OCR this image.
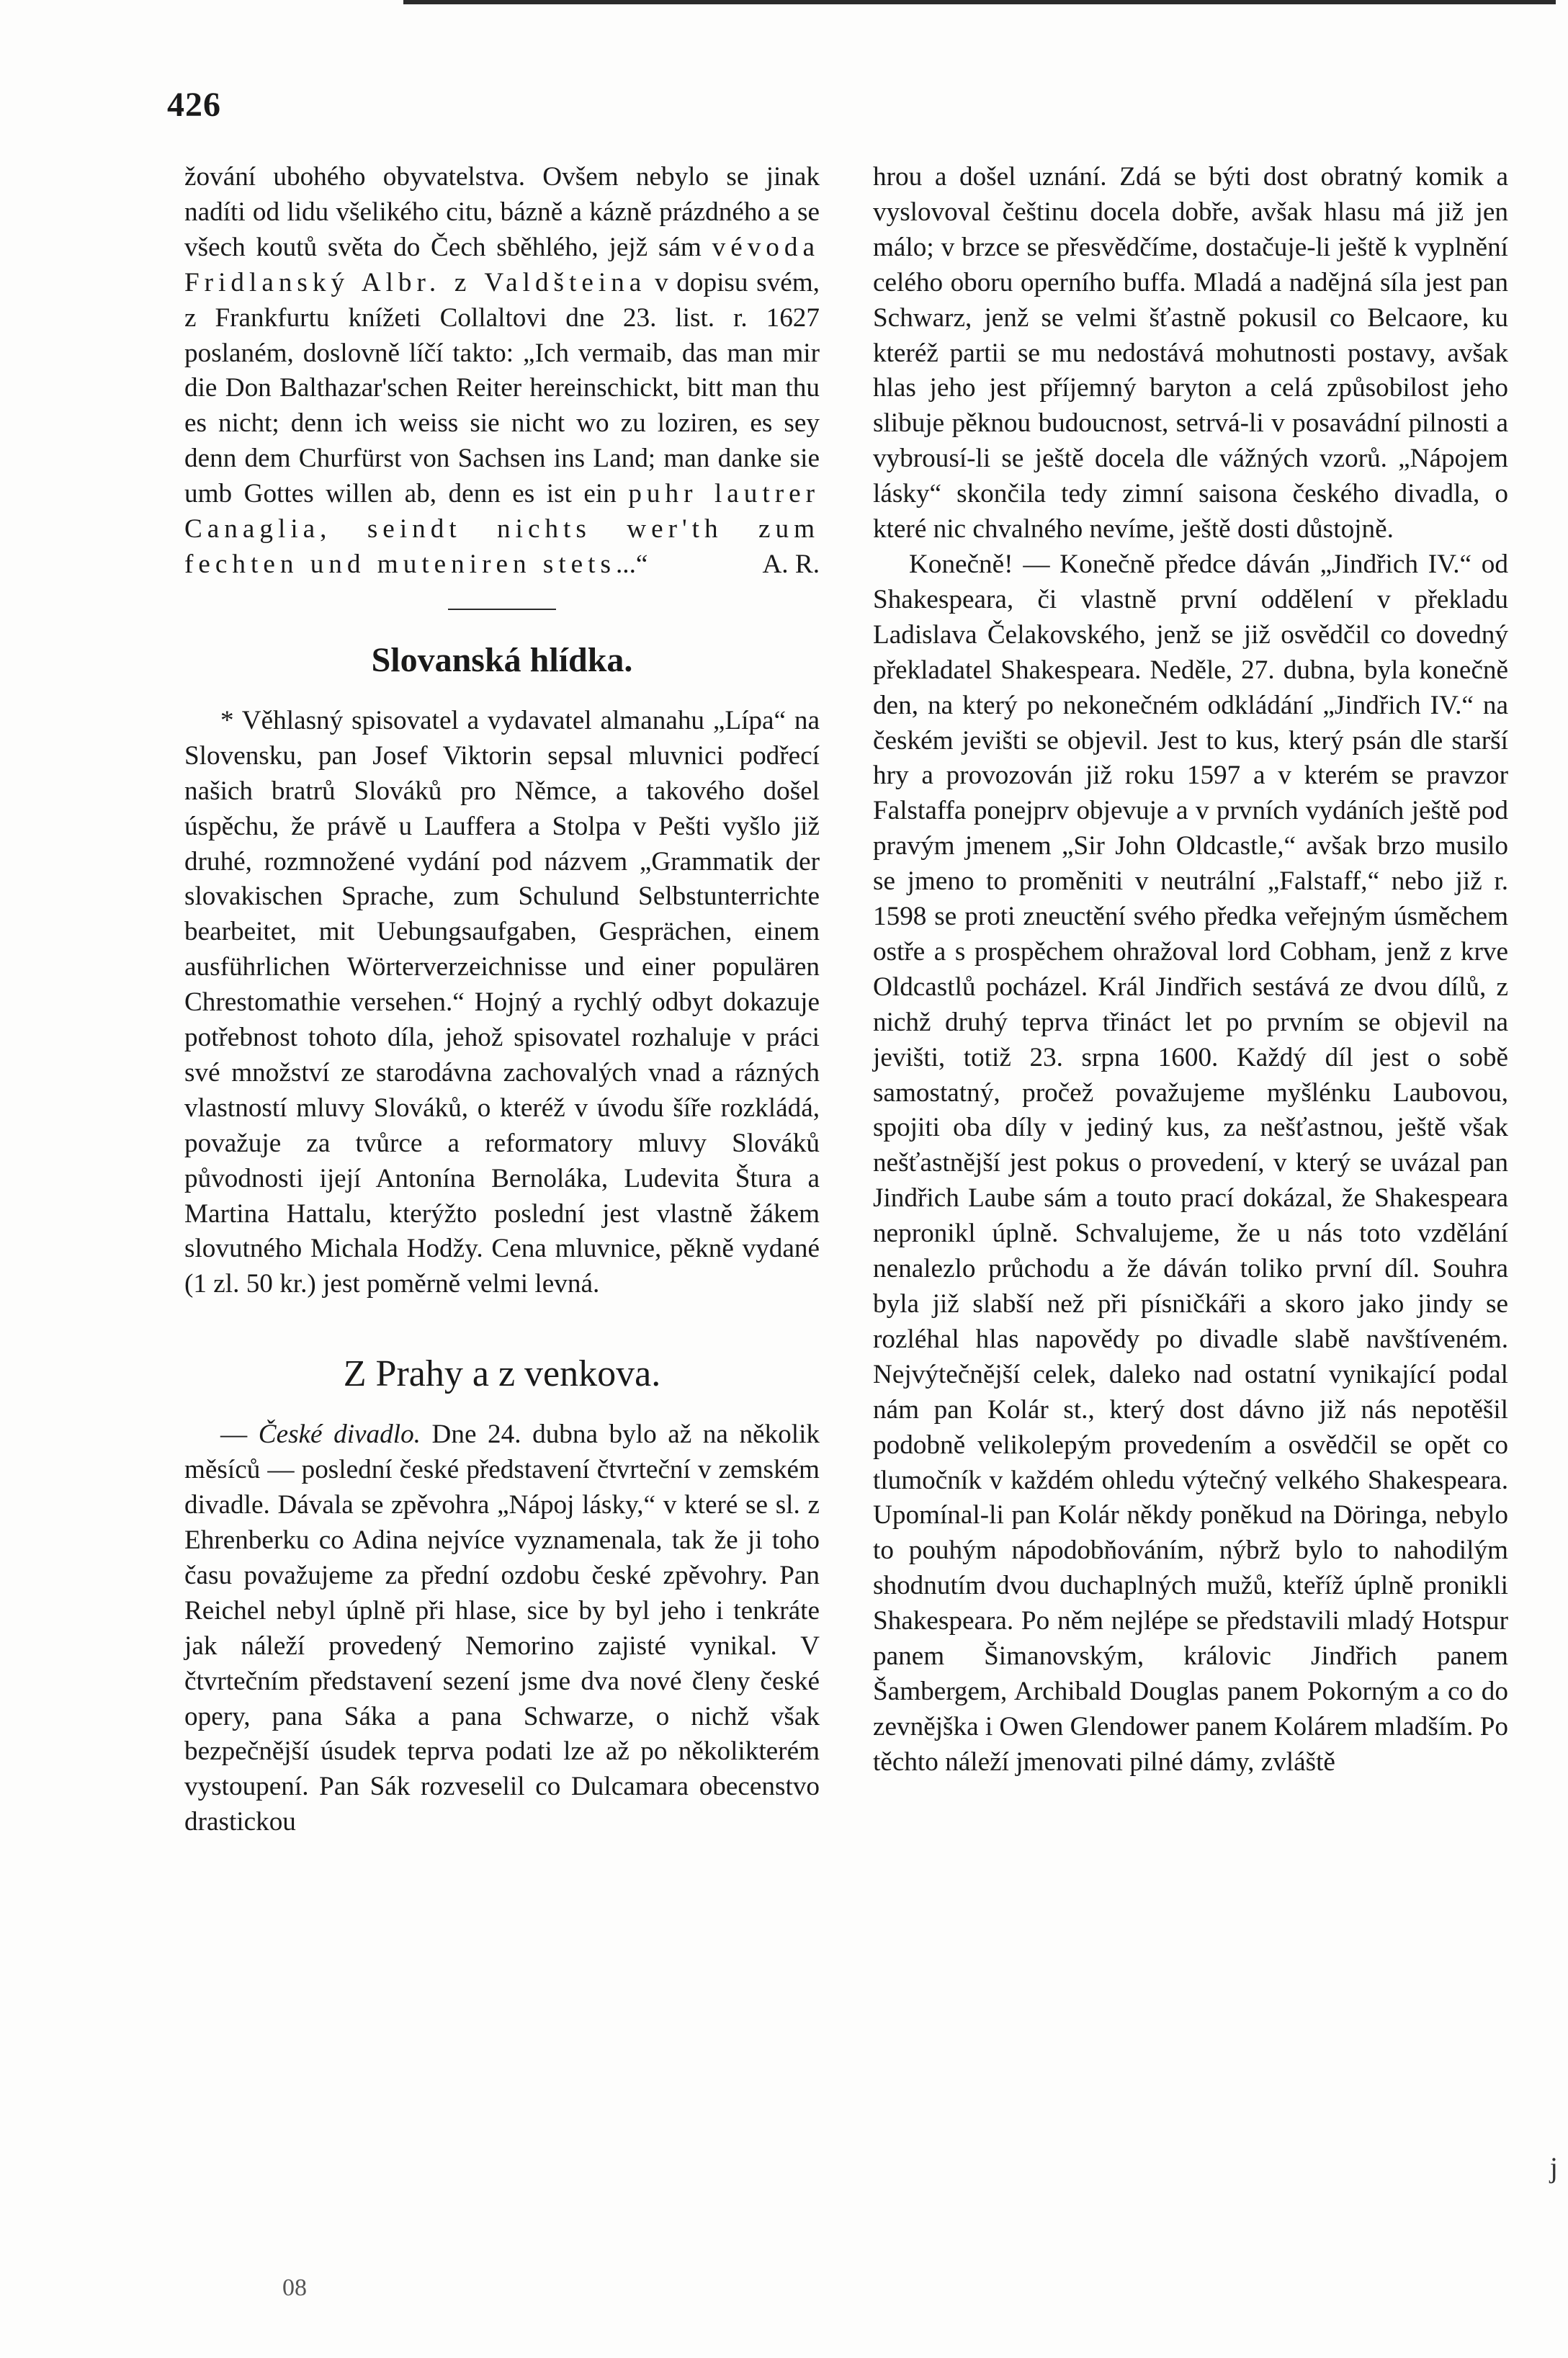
426

žování ubohého obyvatelstva. Ovšem nebylo se jinak nadíti od lidu všelikého citu, bázně a kázně prázdného a se všech koutů světa do Čech sběhlého, jejž sám vévoda Fridlanský Albr. z Valdšteina v dopisu svém, z Frankfurtu knížeti Collaltovi dne 23. list. r. 1627 poslaném, doslovně líčí takto: „Ich vermaib, das man mir die Don Balthazar'schen Reiter hereinschickt, bitt man thu es nicht; denn ich weiss sie nicht wo zu loziren, es sey denn dem Churfürst von Sachsen ins Land; man danke sie umb Gottes willen ab, denn es ist ein puhr lautrer Canaglia, seindt nichts wer'th zum fechten und muteniren stets...“	A. R.

Slovanská hlídka.

* Věhlasný spisovatel a vydavatel almanahu „Lípa“ na Slovensku, pan Josef Viktorin sepsal mluvnici podřecí našich bratrů Slováků pro Němce, a takového došel úspěchu, že právě u Lauffera a Stolpa v Pešti vyšlo již druhé, rozmnožené vydání pod názvem „Grammatik der slovakischen Sprache, zum Schulund Selbstunterrichte bearbeitet, mit Uebungsaufgaben, Gesprächen, einem ausführlichen Wörterverzeichnisse und einer populären Chrestomathie versehen.“ Hojný a rychlý odbyt dokazuje potřebnost tohoto díla, jehož spisovatel rozhaluje v práci své množství ze starodávna zachovalých vnad a rázných vlastností mluvy Slováků, o kteréž v úvodu šíře rozkládá, považuje za tvůrce a reformatory mluvy Slováků původnosti ijejí Antonína Bernoláka, Ludevita Štura a Martina Hattalu, kterýžto poslední jest vlastně žákem slovutného Michala Hodžy. Cena mluvnice, pěkně vydané (1 zl. 50 kr.) jest poměrně velmi levná.

Z Prahy a z venkova.

— České divadlo. Dne 24. dubna bylo až na několik měsíců — poslední české představení čtvrteční v zemském divadle. Dávala se zpěvohra „Nápoj lásky,“ v které se sl. z Ehrenberku co Adina nejvíce vyznamenala, tak že ji toho času považujeme za přední ozdobu české zpěvohry. Pan Reichel nebyl úplně při hlase, sice by byl jeho i tenkráte jak náleží provedený Nemorino zajisté vynikal. V čtvrtečním představení sezení jsme dva nové členy české opery, pana Sáka a pana Schwarze, o nichž však bezpečnější úsudek teprva podati lze až po několikterém vystoupení. Pan Sák rozveselil co Dulcamara obecenstvo drastickou

hrou a došel uznání. Zdá se býti dost obratný komik a vyslovoval češtinu docela dobře, avšak hlasu má již jen málo; v brzce se přesvědčíme, dostačuje-li ještě k vyplnění celého oboru operního buffa. Mladá a nadějná síla jest pan Schwarz, jenž se velmi šťastně pokusil co Belcaore, ku kteréž partii se mu nedostává mohutnosti postavy, avšak hlas jeho jest příjemný baryton a celá způsobilost jeho slibuje pěknou budoucnost, setrvá-li v posavádní pilnosti a vybrousí-li se ještě docela dle vážných vzorů. „Nápojem lásky“ skončila tedy zimní saisona českého divadla, o které nic chvalného nevíme, ještě dosti důstojně.

Konečně! — Konečně předce dáván „Jindřich IV.“ od Shakespeara, či vlastně první oddělení v překladu Ladislava Čelakovského, jenž se již osvědčil co dovedný překladatel Shakespeara. Neděle, 27. dubna, byla konečně den, na který po nekonečném odkládání „Jindřich IV.“ na českém jevišti se objevil. Jest to kus, který psán dle starší hry a provozován již roku 1597 a v kterém se pravzor Falstaffa ponejprv objevuje a v prvních vydáních ještě pod pravým jmenem „Sir John Oldcastle,“ avšak brzo musilo se jmeno to proměniti v neutrální „Falstaff,“ nebo již r. 1598 se proti zneuctění svého předka veřejným úsměchem ostře a s prospěchem ohražoval lord Cobham, jenž z krve Oldcastlů pocházel. Král Jindřich sestává ze dvou dílů, z nichž druhý teprva třináct let po prvním se objevil na jevišti, totiž 23. srpna 1600. Každý díl jest o sobě samostatný, pročež považujeme myšlénku Laubovou, spojiti oba díly v jediný kus, za nešťastnou, ještě však nešťastnější jest pokus o provedení, v který se uvázal pan Jindřich Laube sám a touto prací dokázal, že Shakespeara nepronikl úplně. Schvalujeme, že u nás toto vzdělání nenalezlo průchodu a že dáván toliko první díl. Souhra byla již slabší než při písničkáři a skoro jako jindy se rozléhal hlas napovědy po divadle slabě navštíveném. Nejvýtečnější celek, daleko nad ostatní vynikající podal nám pan Kolár st., který dost dávno již nás nepotěšil podobně velikolepým provedením a osvědčil se opět co tlumočník v každém ohledu výtečný velkého Shakespeara. Upomínal-li pan Kolár někdy poněkud na Döringa, nebylo to pouhým nápodobňováním, nýbrž bylo to nahodilým shodnutím dvou duchaplných mužů, kteříž úplně pronikli Shakespeara. Po něm nejlépe se představili mladý Hotspur panem Šimanovským, královic Jindřich panem Šambergem, Archibald Douglas panem Pokorným a co do zevnějška i Owen Glendower panem Kolárem mladším. Po těchto náleží jmenovati pilné dámy, zvláště

08
j
